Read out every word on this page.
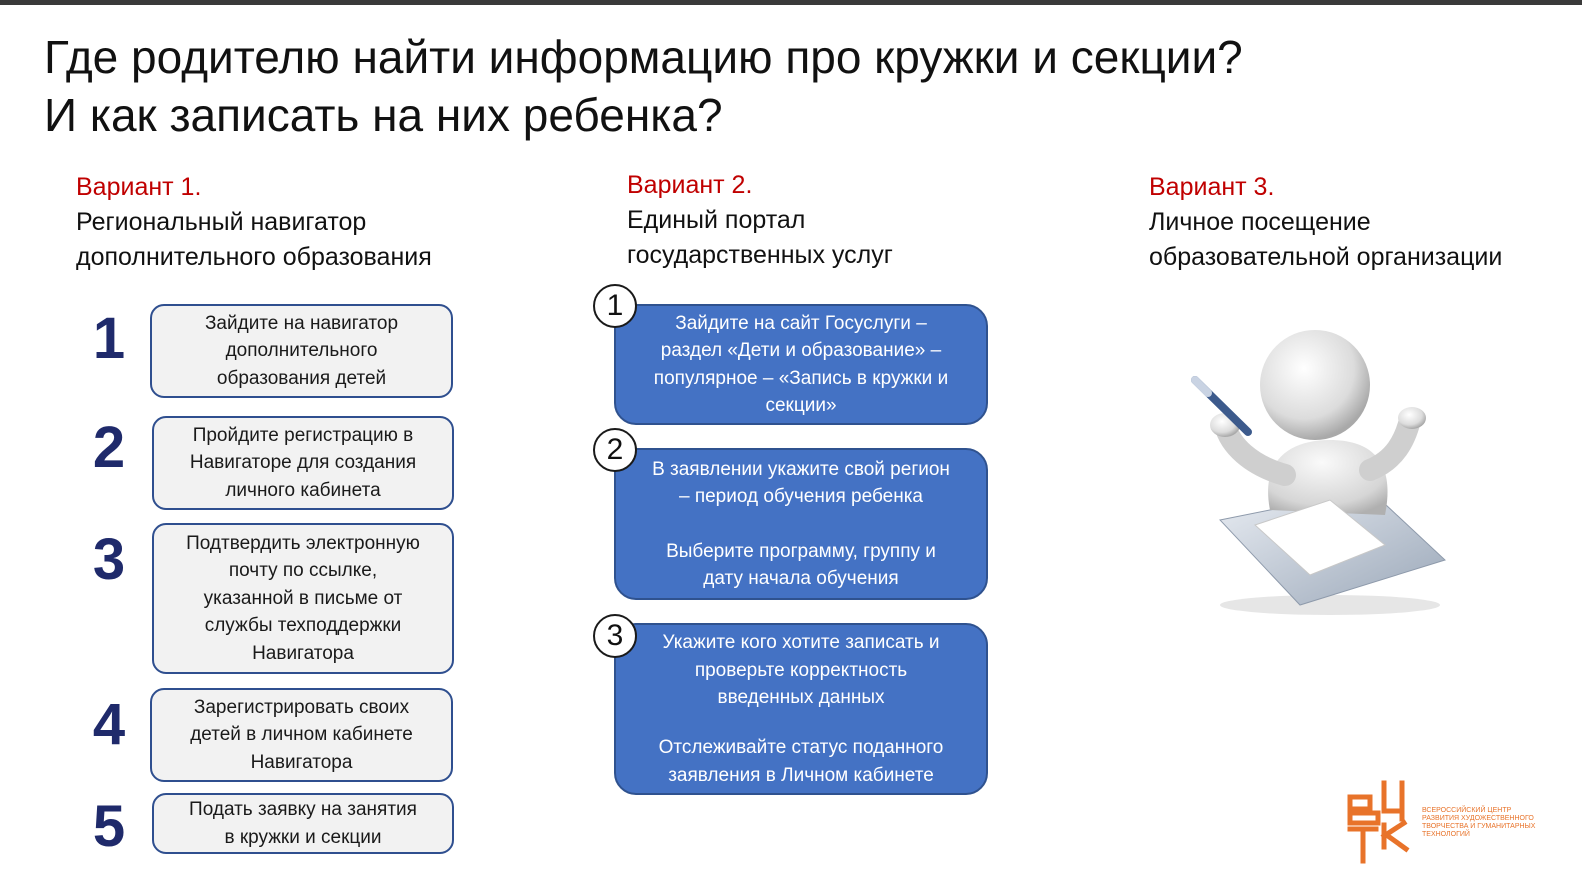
Где родителю найти информацию про кружки и секции?
И как записать на них ребенка?
Вариант 1.
Региональный навигатор
дополнительного образования
Вариант 2.
Единый портал
государственных услуг
Вариант 3.
Личное посещение
образовательной организации
1	Зайдите на навигатор
дополнительного
образования детей
2	Пройдите регистрацию в
Навигаторе для создания
личного кабинета
3	Подтвердить электронную
почту по ссылке,
указанной в письме от
службы техподдержки
Навигатора
4	Зарегистрировать своих
детей в личном кабинете
Навигатора
5	Подать заявку на занятия
в кружки и секции
Зайдите на сайт Госуслуги –
раздел «Дети и образование» –
популярное – «Запись в кружки и
секции»
1
В заявлении укажите свой регион
– период обучения ребенка
Выберите программу, группу и
дату начала обучения
2
Укажите кого хотите записать и
проверьте корректность
введенных данных
Отслеживайте статус поданного
заявления в Личном кабинете
3
ВСЕРОССИЙСКИЙ ЦЕНТР
РАЗВИТИЯ ХУДОЖЕСТВЕННОГО
ТВОРЧЕСТВА И ГУМАНИТАРНЫХ
ТЕХНОЛОГИЙ
